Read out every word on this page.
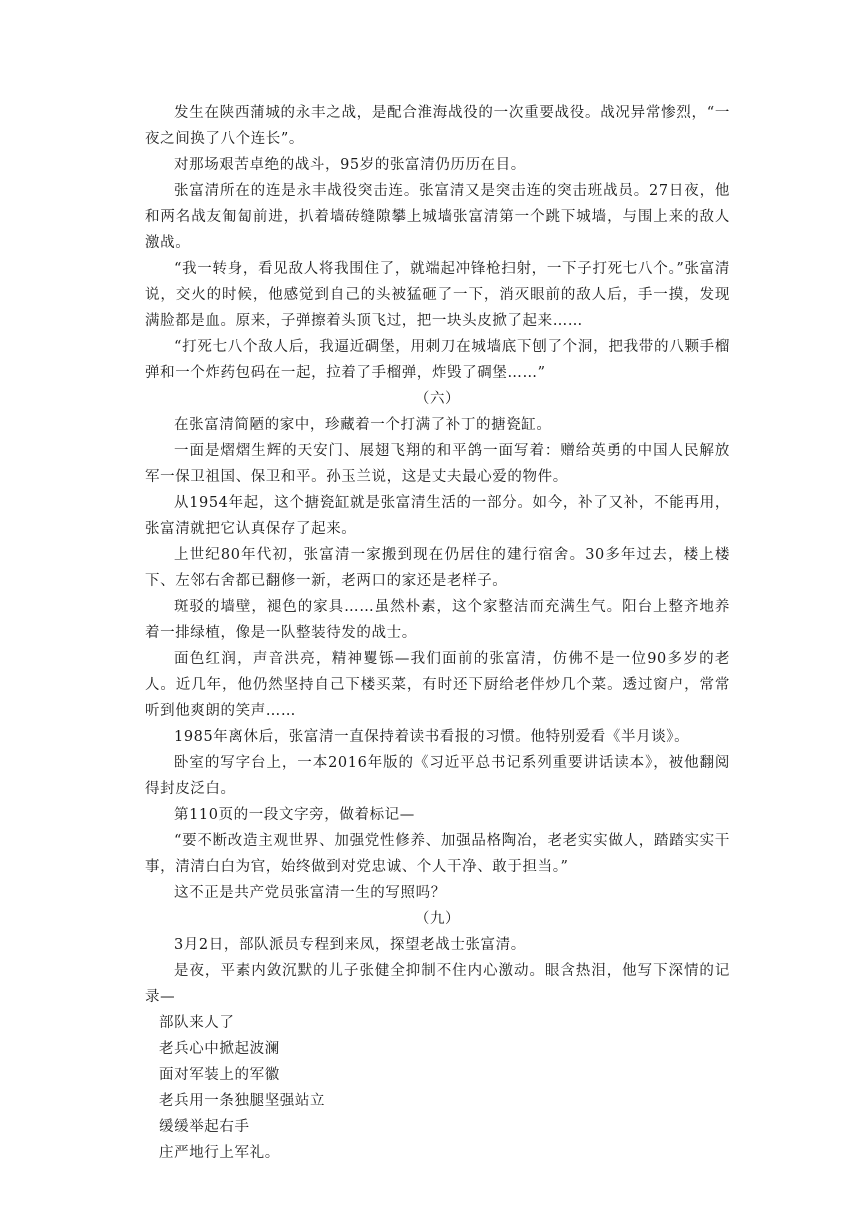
发生在陕西蒲城的永丰之战，是配合淮海战役的一次重要战役。战况异常惨烈，“一夜之间换了八个连长”。

对那场艰苦卓绝的战斗，95岁的张富清仍历历在目。

张富清所在的连是永丰战役突击连。张富清又是突击连的突击班战员。27日夜，他和两名战友匍匐前进，扒着墙砖缝隙攀上城墙张富清第一个跳下城墙，与围上来的敌人激战。

“我一转身，看见敌人将我围住了，就端起冲锋枪扫射，一下子打死七八个。”张富清说，交火的时候，他感觉到自己的头被猛砸了一下，消灭眼前的敌人后，手一摸，发现满脸都是血。原来，子弹擦着头顶飞过，把一块头皮掀了起来……

“打死七八个敌人后，我逼近碉堡，用刺刀在城墙底下刨了个洞，把我带的八颗手榴弹和一个炸药包码在一起，拉着了手榴弹，炸毁了碉堡……”

（六）

在张富清简陋的家中，珍藏着一个打满了补丁的搪瓷缸。

一面是熠熠生辉的天安门、展翅飞翔的和平鸽一面写着：赠给英勇的中国人民解放军一保卫祖国、保卫和平。孙玉兰说，这是丈夫最心爱的物件。

从1954年起，这个搪瓷缸就是张富清生活的一部分。如今，补了又补，不能再用，张富清就把它认真保存了起来。

上世纪80年代初，张富清一家搬到现在仍居住的建行宿舍。30多年过去，楼上楼下、左邻右舍都已翻修一新，老两口的家还是老样子。

斑驳的墙壁，褪色的家具……虽然朴素，这个家整洁而充满生气。阳台上整齐地养着一排绿植，像是一队整装待发的战士。

面色红润，声音洪亮，精神矍铄—我们面前的张富清，仿佛不是一位90多岁的老人。近几年，他仍然坚持自己下楼买菜，有时还下厨给老伴炒几个菜。透过窗户，常常听到他爽朗的笑声……

1985年离休后，张富清一直保持着读书看报的习惯。他特别爱看《半月谈》。

卧室的写字台上，一本2016年版的《习近平总书记系列重要讲话读本》，被他翻阅得封皮泛白。

第110页的一段文字旁，做着标记—

“要不断改造主观世界、加强党性修养、加强品格陶冶，老老实实做人，踏踏实实干事，清清白白为官，始终做到对党忠诚、个人干净、敢于担当。”

这不正是共产党员张富清一生的写照吗？

（九）

3月2日，部队派员专程到来凤，探望老战士张富清。

是夜，平素内敛沉默的儿子张健全抑制不住内心激动。眼含热泪，他写下深情的记录—

部队来人了

老兵心中掀起波澜

面对军装上的军徽

老兵用一条独腿坚强站立

缓缓举起右手

庄严地行上军礼。
